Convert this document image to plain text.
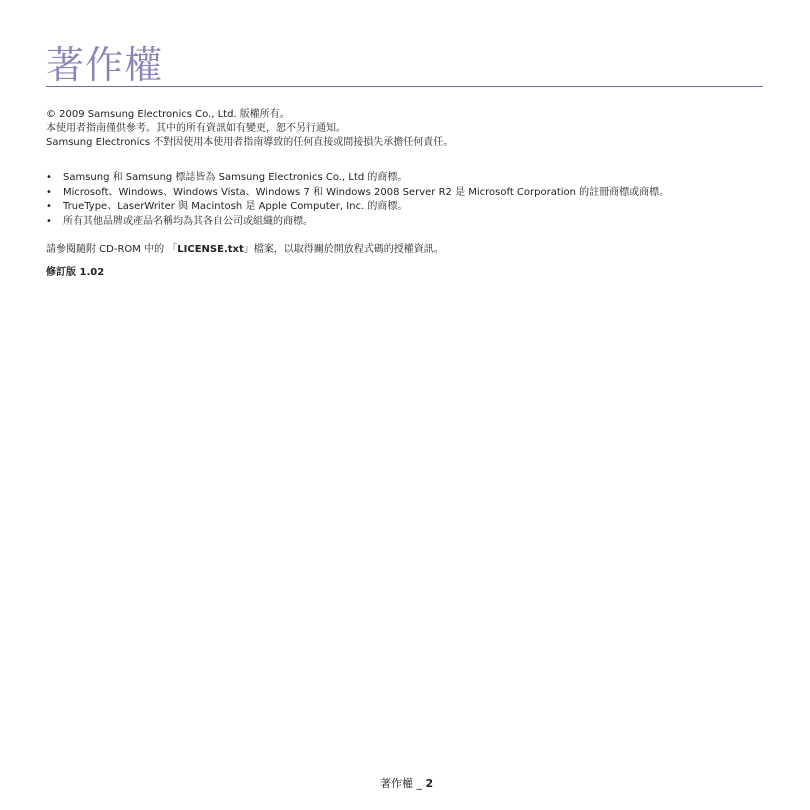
著作權

© 2009 Samsung Electronics Co., Ltd. 版權所有。

本使用者指南僅供參考。其中的所有資訊如有變更，恕不另行通知。

Samsung Electronics 不對因使用本使用者指南導致的任何直接或間接損失承擔任何責任。

• Samsung 和 Samsung 標誌皆為 Samsung Electronics Co., Ltd 的商標。
• Microsoft、Windows、Windows Vista、Windows 7 和 Windows 2008 Server R2 是 Microsoft Corporation 的註冊商標或商標。
• TrueType、LaserWriter 與 Macintosh 是 Apple Computer, Inc. 的商標。
• 所有其他品牌或產品名稱均為其各自公司或組織的商標。

請參閱隨附 CD-ROM 中的 「LICENSE.txt」檔案，以取得關於開放程式碼的授權資訊。

修訂版 1.02
著作權 _ 2
